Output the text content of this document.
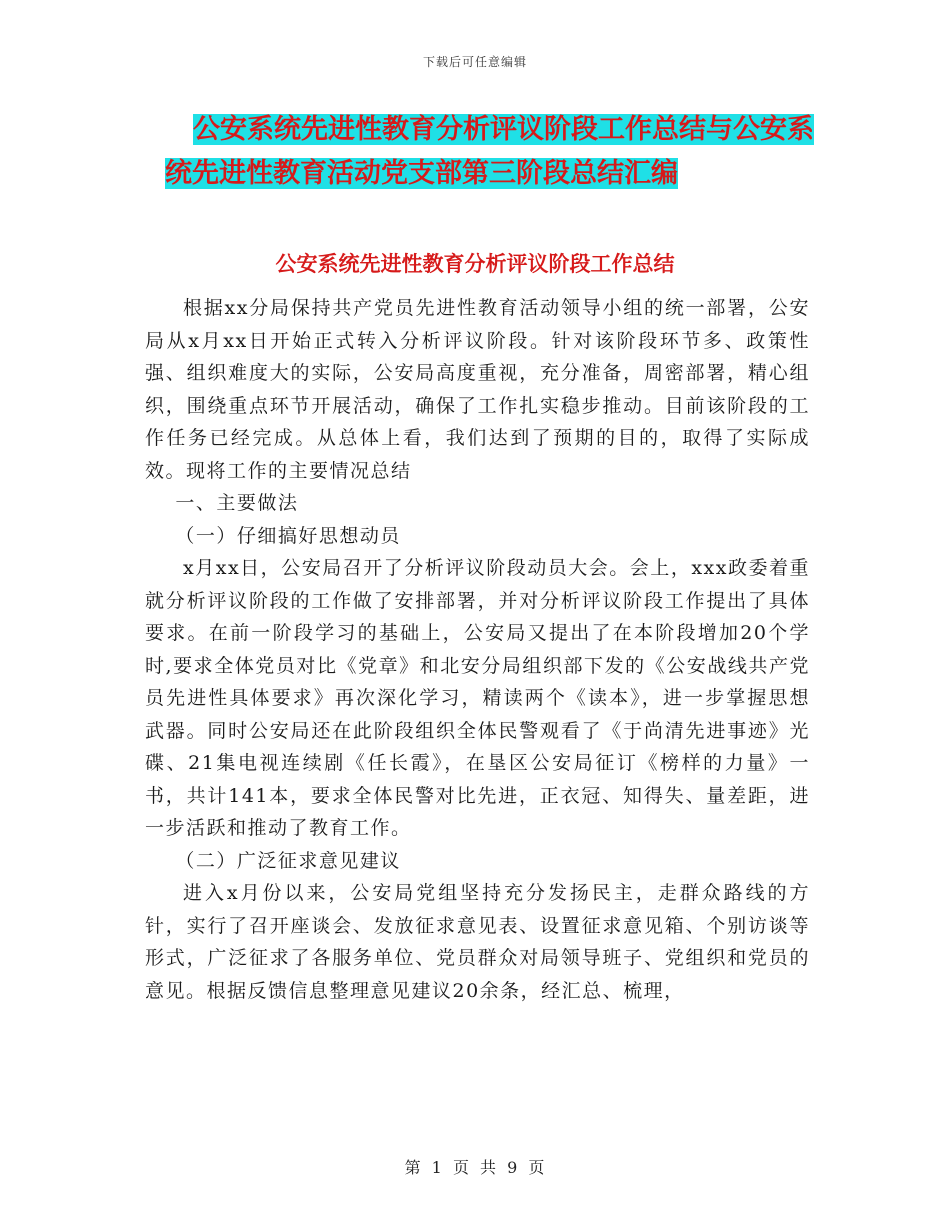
下载后可任意编辑
公安系统先进性教育分析评议阶段工作总结与公安系
统先进性教育活动党支部第三阶段总结汇编
公安系统先进性教育分析评议阶段工作总结

根据xx分局保持共产党员先进性教育活动领导小组的统一部署，公安局从x月xx日开始正式转入分析评议阶段。针对该阶段环节多、政策性强、组织难度大的实际，公安局高度重视，充分准备，周密部署，精心组织，围绕重点环节开展活动，确保了工作扎实稳步推动。目前该阶段的工作任务已经完成。从总体上看，我们达到了预期的目的，取得了实际成效。现将工作的主要情况总结

一、主要做法

（一）仔细搞好思想动员

x月xx日，公安局召开了分析评议阶段动员大会。会上，xxx政委着重就分析评议阶段的工作做了安排部署，并对分析评议阶段工作提出了具体要求。在前一阶段学习的基础上，公安局又提出了在本阶段增加20个学时,要求全体党员对比《党章》和北安分局组织部下发的《公安战线共产党员先进性具体要求》再次深化学习，精读两个《读本》，进一步掌握思想武器。同时公安局还在此阶段组织全体民警观看了《于尚清先进事迹》光碟、21集电视连续剧《任长霞》，在垦区公安局征订《榜样的力量》一书，共计141本，要求全体民警对比先进，正衣冠、知得失、量差距，进一步活跃和推动了教育工作。

（二）广泛征求意见建议

进入x月份以来，公安局党组坚持充分发扬民主，走群众路线的方针，实行了召开座谈会、发放征求意见表、设置征求意见箱、个别访谈等形式，广泛征求了各服务单位、党员群众对局领导班子、党组织和党员的意见。根据反馈信息整理意见建议20余条，经汇总、梳理，

第 1 页 共 9 页
